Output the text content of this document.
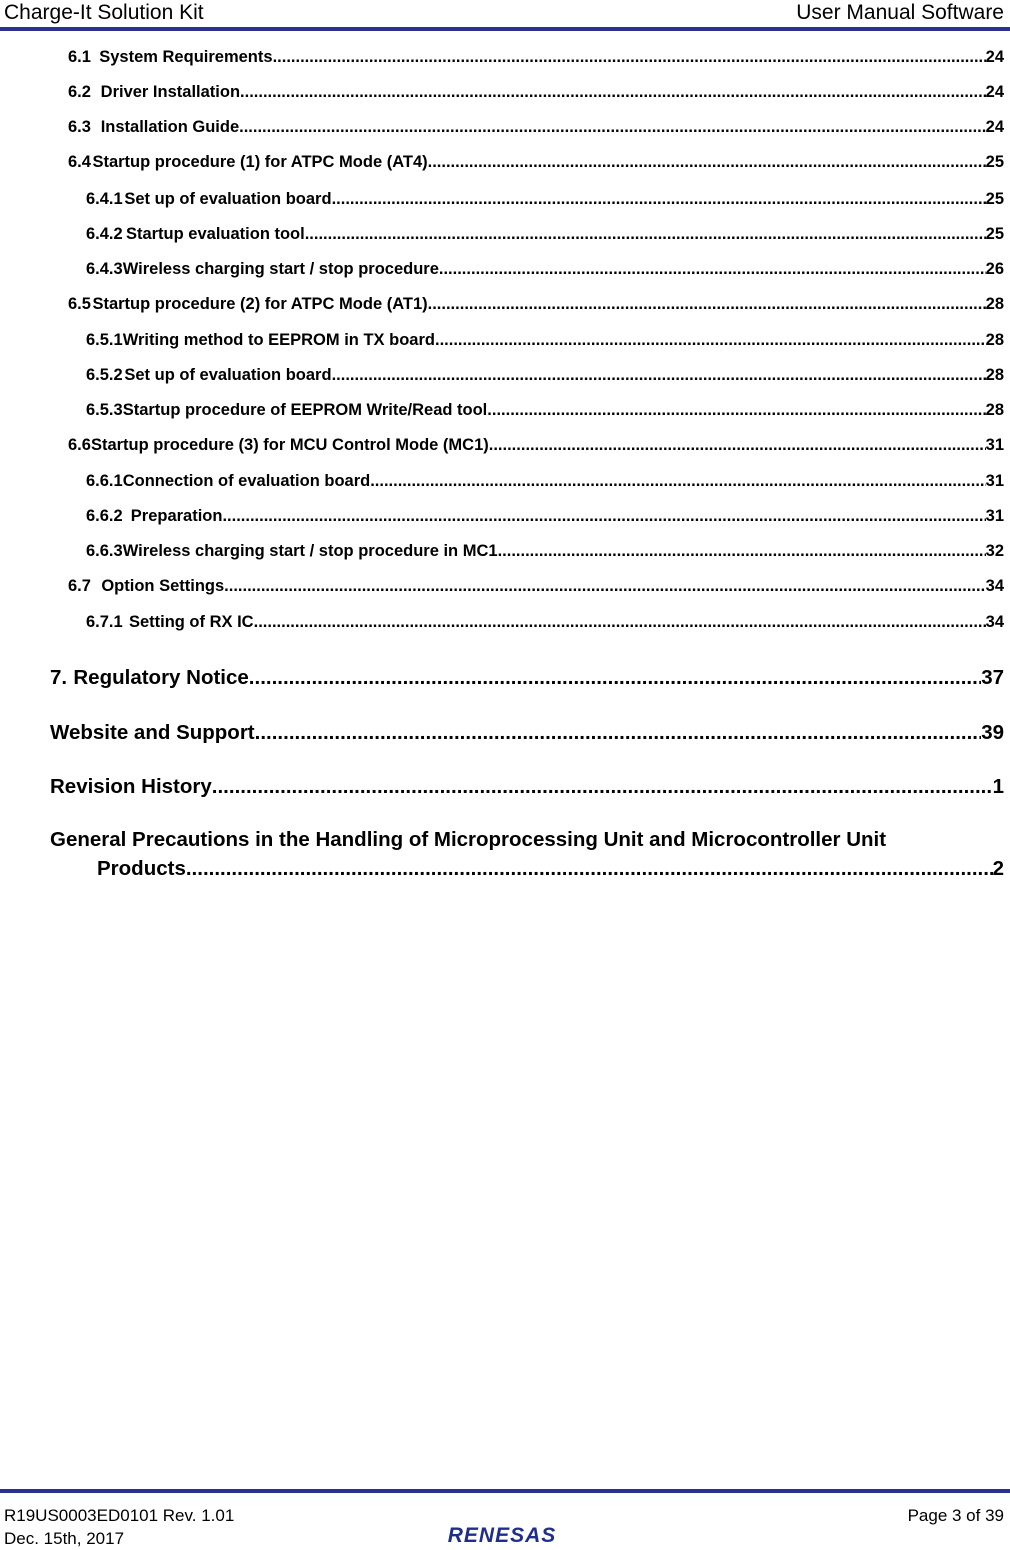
Charge-It Solution Kit	User Manual Software
6.1 System Requirements .....	24
6.2 Driver Installation .....	24
6.3 Installation Guide .....	24
6.4 Startup procedure (1) for ATPC Mode (AT4) .....	25
6.4.1 Set up of evaluation board .....	25
6.4.2 Startup evaluation tool .....	25
6.4.3 Wireless charging start / stop procedure .....	26
6.5 Startup procedure (2) for ATPC Mode (AT1) .....	28
6.5.1 Writing method to EEPROM in TX board .....	28
6.5.2 Set up of evaluation board .....	28
6.5.3 Startup procedure of EEPROM Write/Read tool .....	28
6.6 Startup procedure (3) for MCU Control Mode (MC1) .....	31
6.6.1 Connection of evaluation board .....	31
6.6.2 Preparation .....	31
6.6.3 Wireless charging start / stop procedure in MC1 .....	32
6.7 Option Settings .....	34
6.7.1 Setting of RX IC .....	34
7. Regulatory Notice .....	37
Website and Support .....	39
Revision History .....	1
General Precautions in the Handling of Microprocessing Unit and Microcontroller Unit
Products .....	2
R19US0003ED0101 Rev. 1.01
Dec. 15th, 2017
Page 3 of 39
RENESAS
